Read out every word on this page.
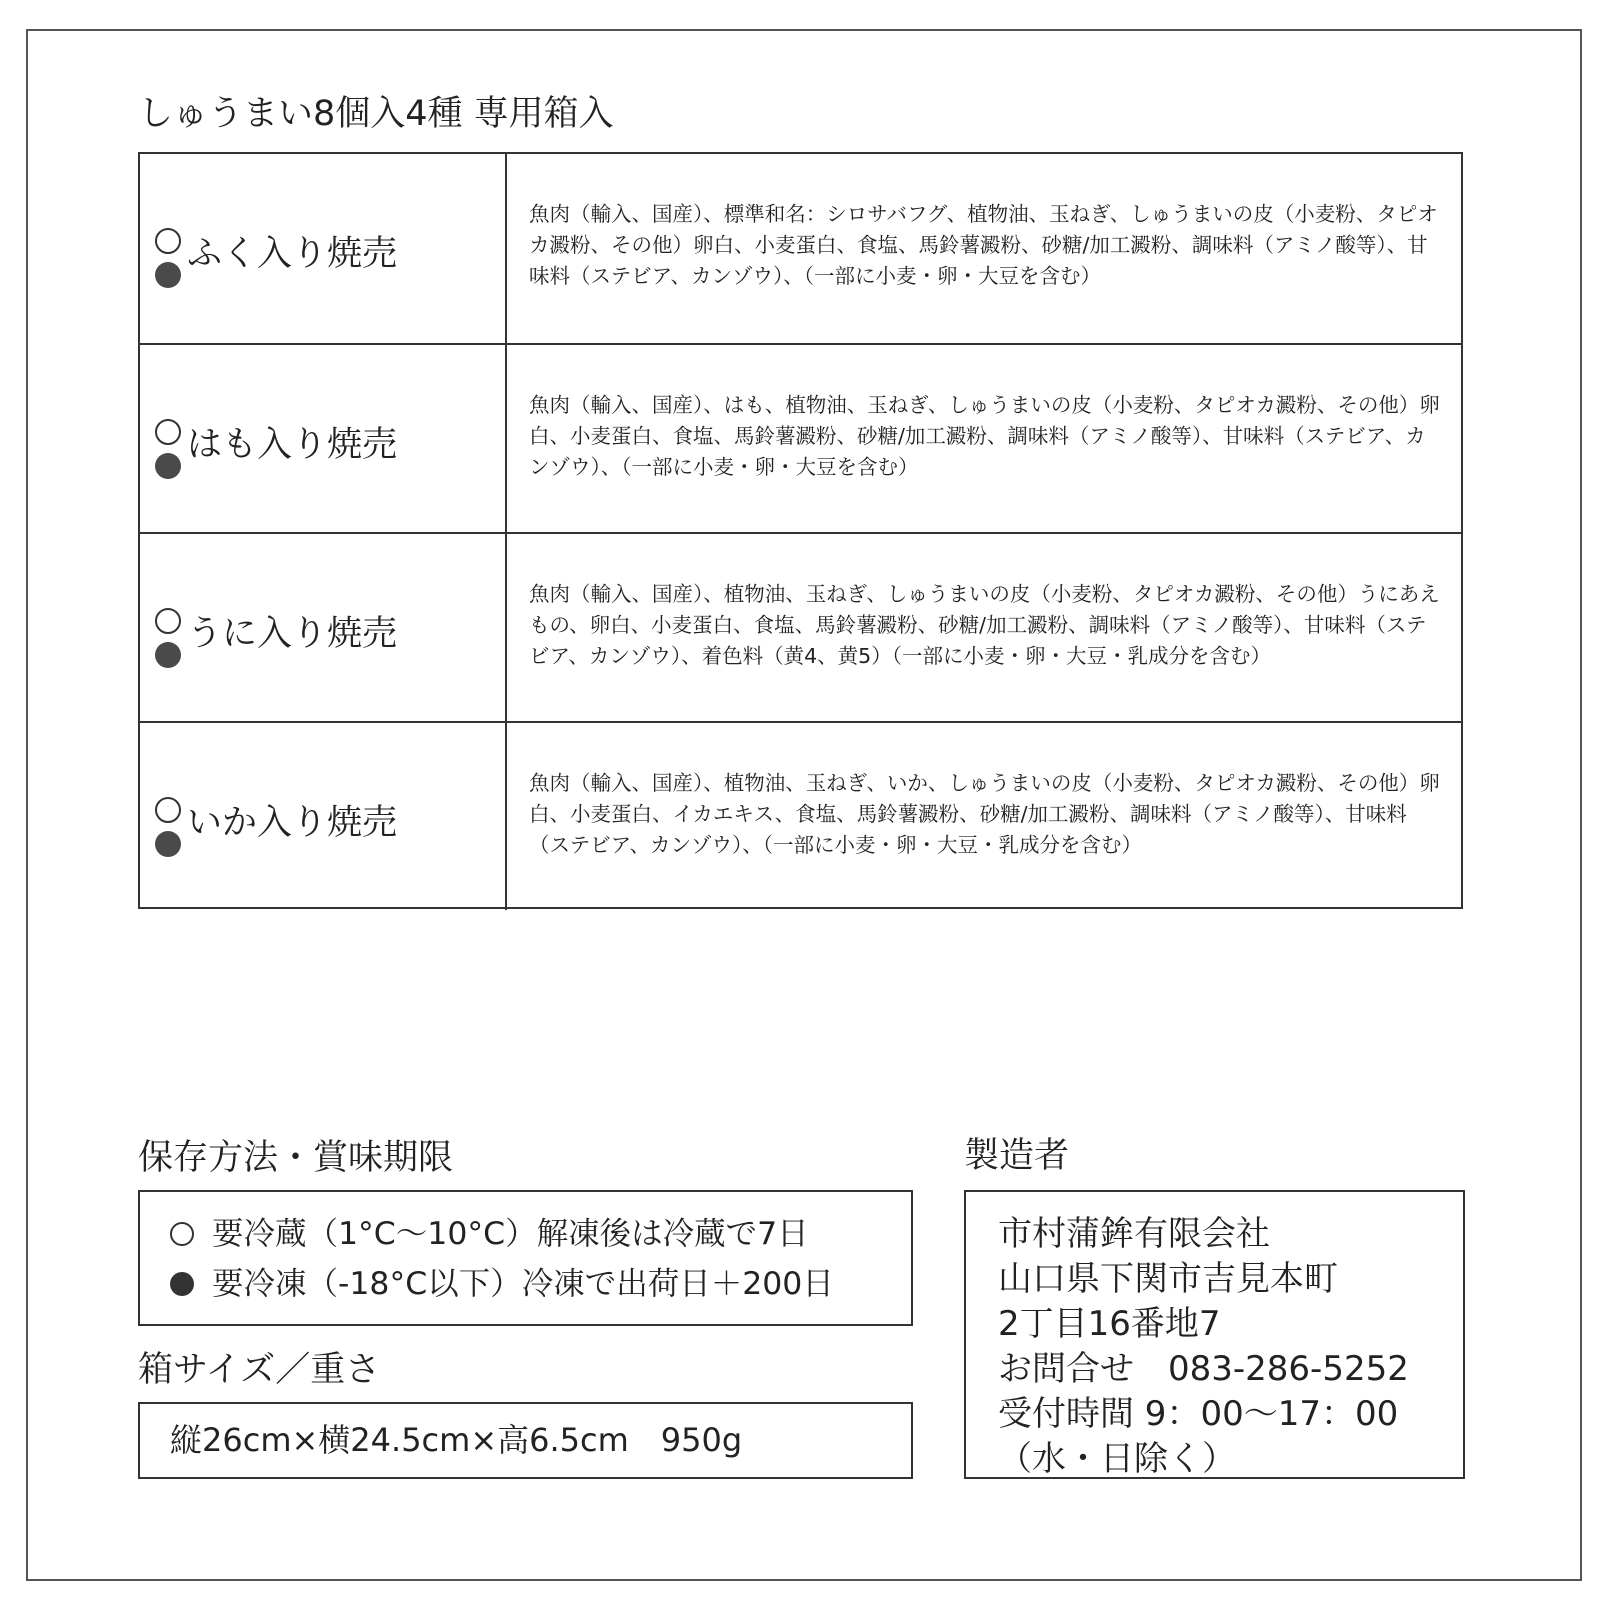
しゅうまい8個入4種 専用箱入
ふく入り焼売

魚肉（輸入、国産）、標準和名：シロサバフグ、植物油、玉ねぎ、しゅうまいの皮（小麦粉、タピオカ澱粉、その他）卵白、小麦蛋白、食塩、馬鈴薯澱粉、砂糖/加工澱粉、調味料（アミノ酸等）、甘味料（ステビア、カンゾウ）、（一部に小麦・卵・大豆を含む）

はも入り焼売

魚肉（輸入、国産）、はも、植物油、玉ねぎ、しゅうまいの皮（小麦粉、タピオカ澱粉、その他）卵白、小麦蛋白、食塩、馬鈴薯澱粉、砂糖/加工澱粉、調味料（アミノ酸等）、甘味料（ステビア、カンゾウ）、（一部に小麦・卵・大豆を含む）

うに入り焼売

魚肉（輸入、国産）、植物油、玉ねぎ、しゅうまいの皮（小麦粉、タピオカ澱粉、その他）うにあえもの、卵白、小麦蛋白、食塩、馬鈴薯澱粉、砂糖/加工澱粉、調味料（アミノ酸等）、甘味料（ステビア、カンゾウ）、着色料（黄4、黄5）（一部に小麦・卵・大豆・乳成分を含む）

いか入り焼売

魚肉（輸入、国産）、植物油、玉ねぎ、いか、しゅうまいの皮（小麦粉、タピオカ澱粉、その他）卵白、小麦蛋白、イカエキス、食塩、馬鈴薯澱粉、砂糖/加工澱粉、調味料（アミノ酸等）、甘味料（ステビア、カンゾウ）、（一部に小麦・卵・大豆・乳成分を含む）

保存方法・賞味期限
要冷蔵（1°C〜10°C）解凍後は冷蔵で7日
要冷凍（-18°C以下）冷凍で出荷日＋200日
箱サイズ／重さ
縦26cm×横24.5cm×高6.5cm　950g
製造者
市村蒲鉾有限会社
山口県下関市吉見本町
2丁目16番地7
お問合せ　083-286-5252
受付時間 9：00〜17：00
（水・日除く）
